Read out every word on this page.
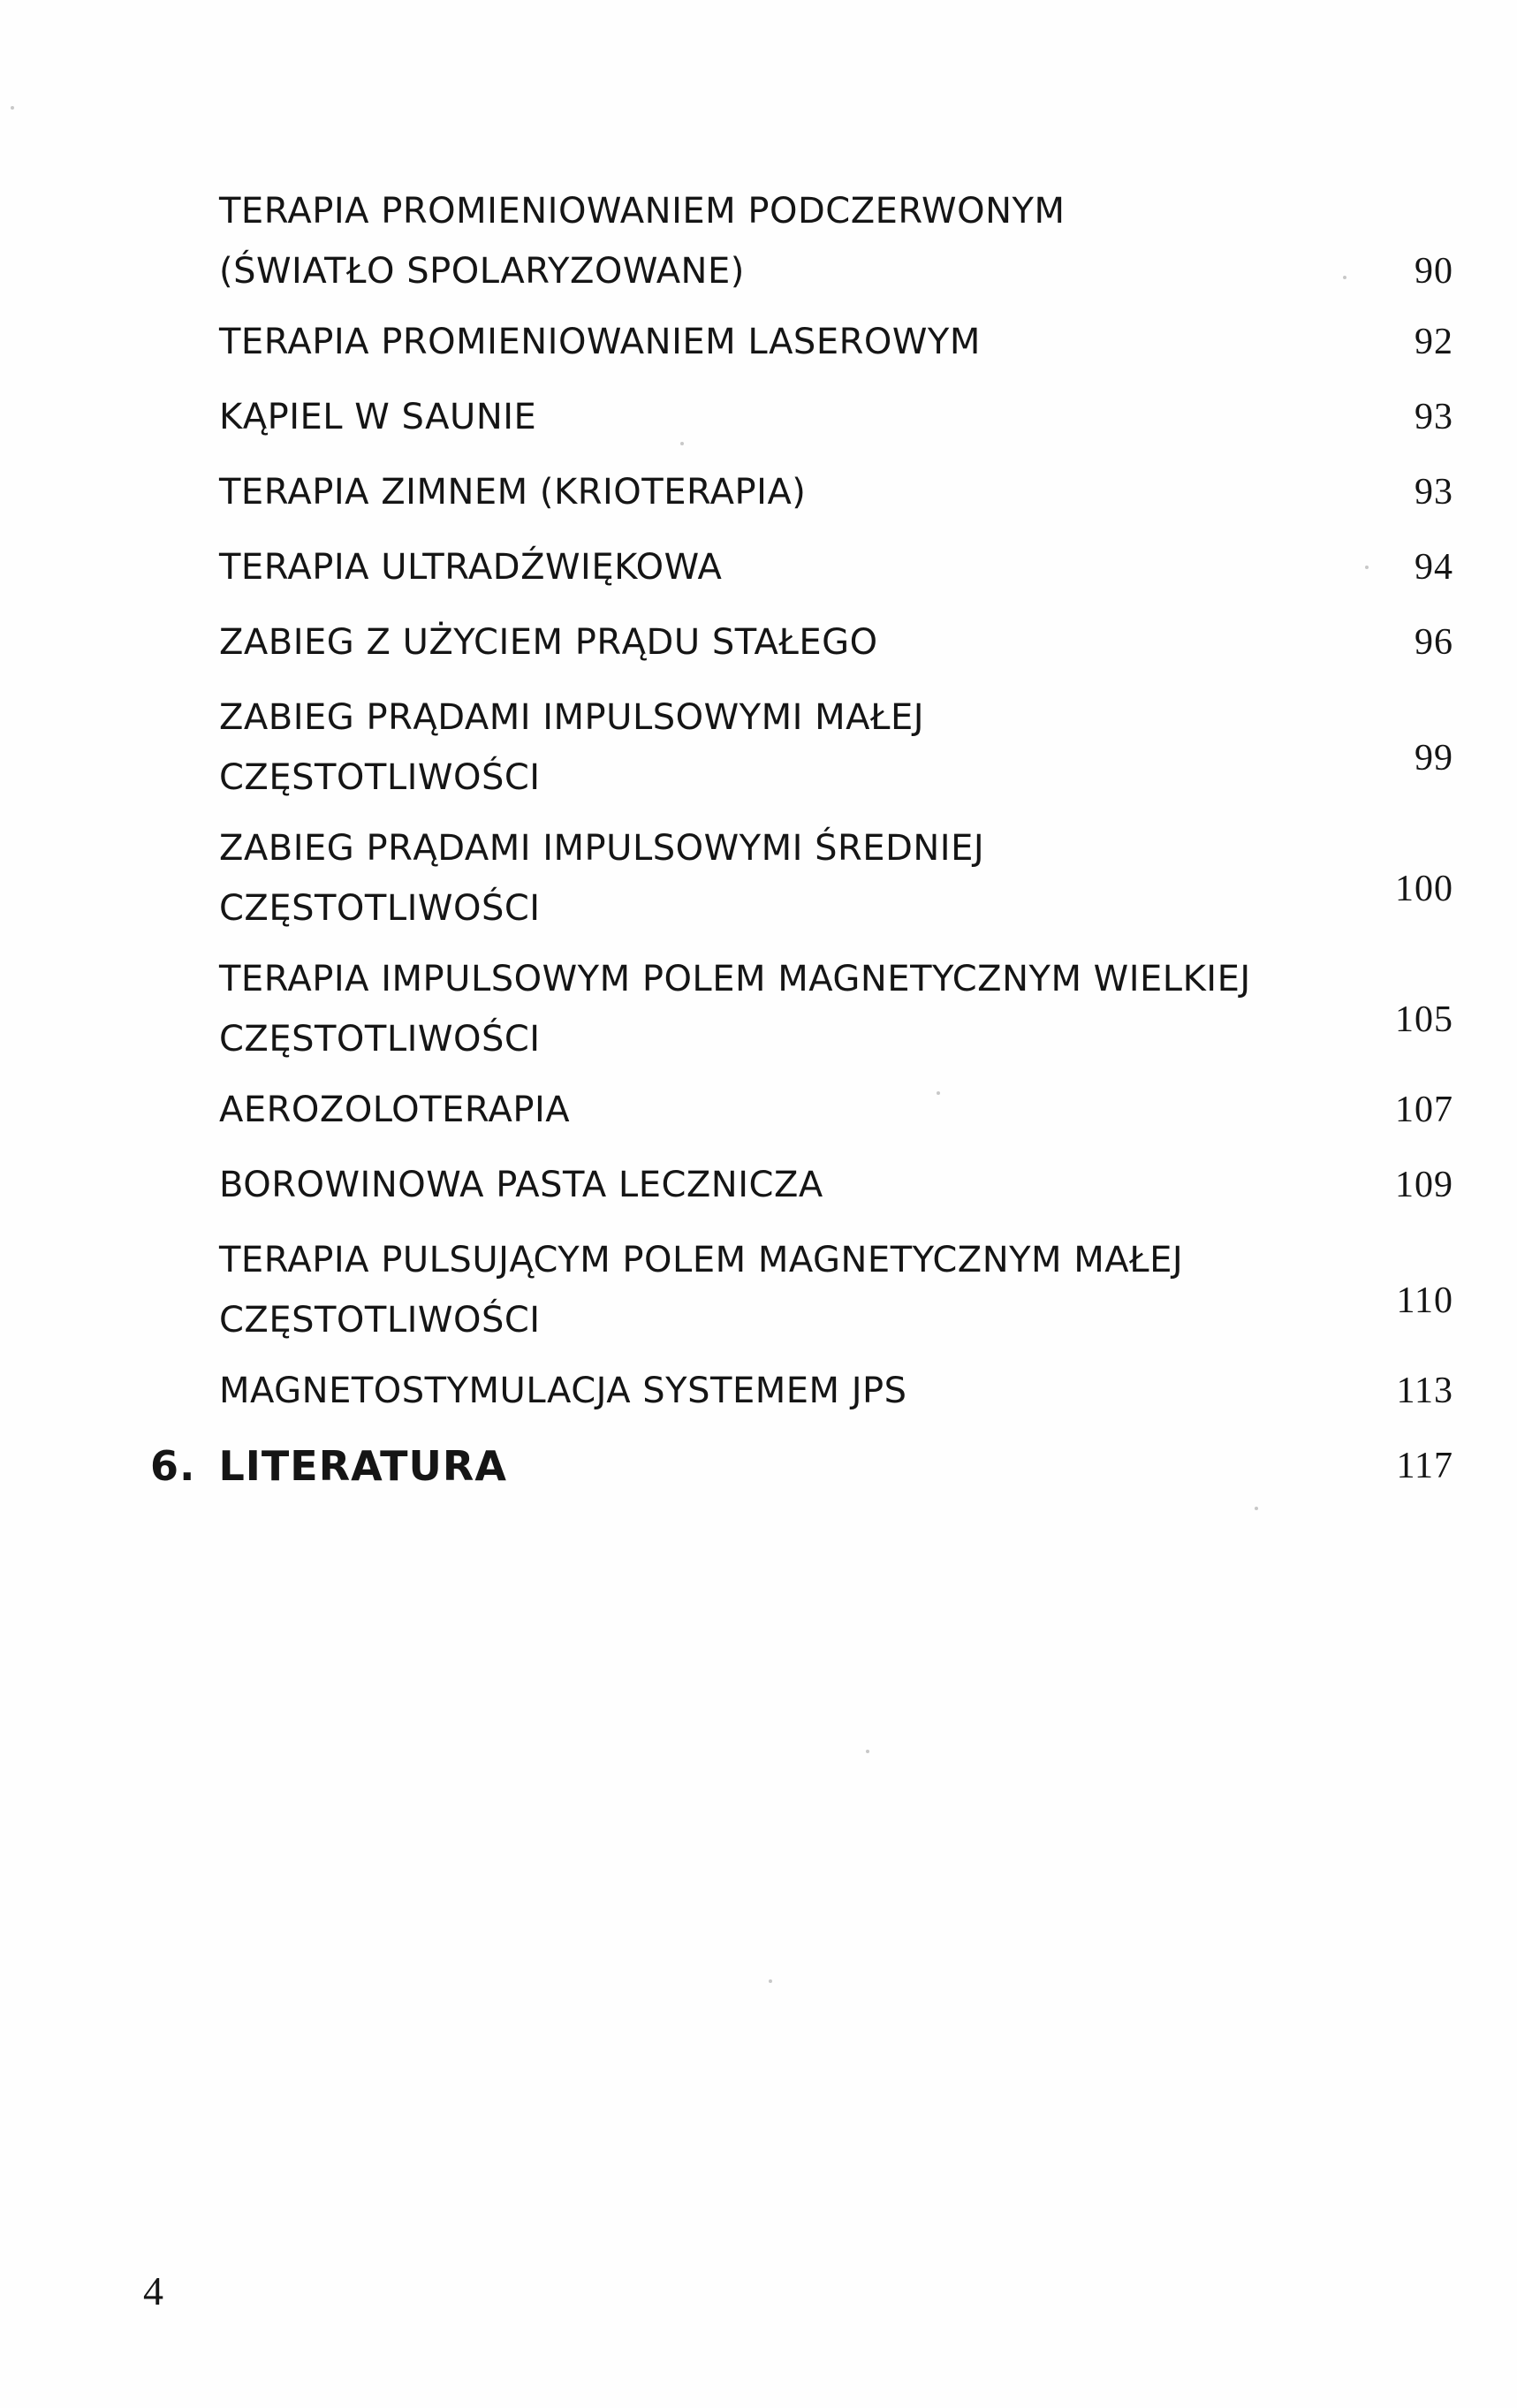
TERAPIA PROMIENIOWANIEM PODCZERWONYM
(ŚWIATŁO SPOLARYZOWANE)	90
TERAPIA PROMIENIOWANIEM LASEROWYM	92
KĄPIEL W SAUNIE	93
TERAPIA ZIMNEM (KRIOTERAPIA)	93
TERAPIA ULTRADŹWIĘKOWA	94
ZABIEG Z UŻYCIEM PRĄDU STAŁEGO	96
ZABIEG PRĄDAMI IMPULSOWYMI MAŁEJ
CZĘSTOTLIWOŚCI	99
ZABIEG PRĄDAMI IMPULSOWYMI ŚREDNIEJ
CZĘSTOTLIWOŚCI	100
TERAPIA IMPULSOWYM POLEM MAGNETYCZNYM WIELKIEJ
CZĘSTOTLIWOŚCI	105
AEROZOLOTERAPIA	107
BOROWINOWA PASTA LECZNICZA	109
TERAPIA PULSUJĄCYM POLEM MAGNETYCZNYM MAŁEJ
CZĘSTOTLIWOŚCI	110
MAGNETOSTYMULACJA SYSTEMEM JPS	113
6. LITERATURA	117
4
